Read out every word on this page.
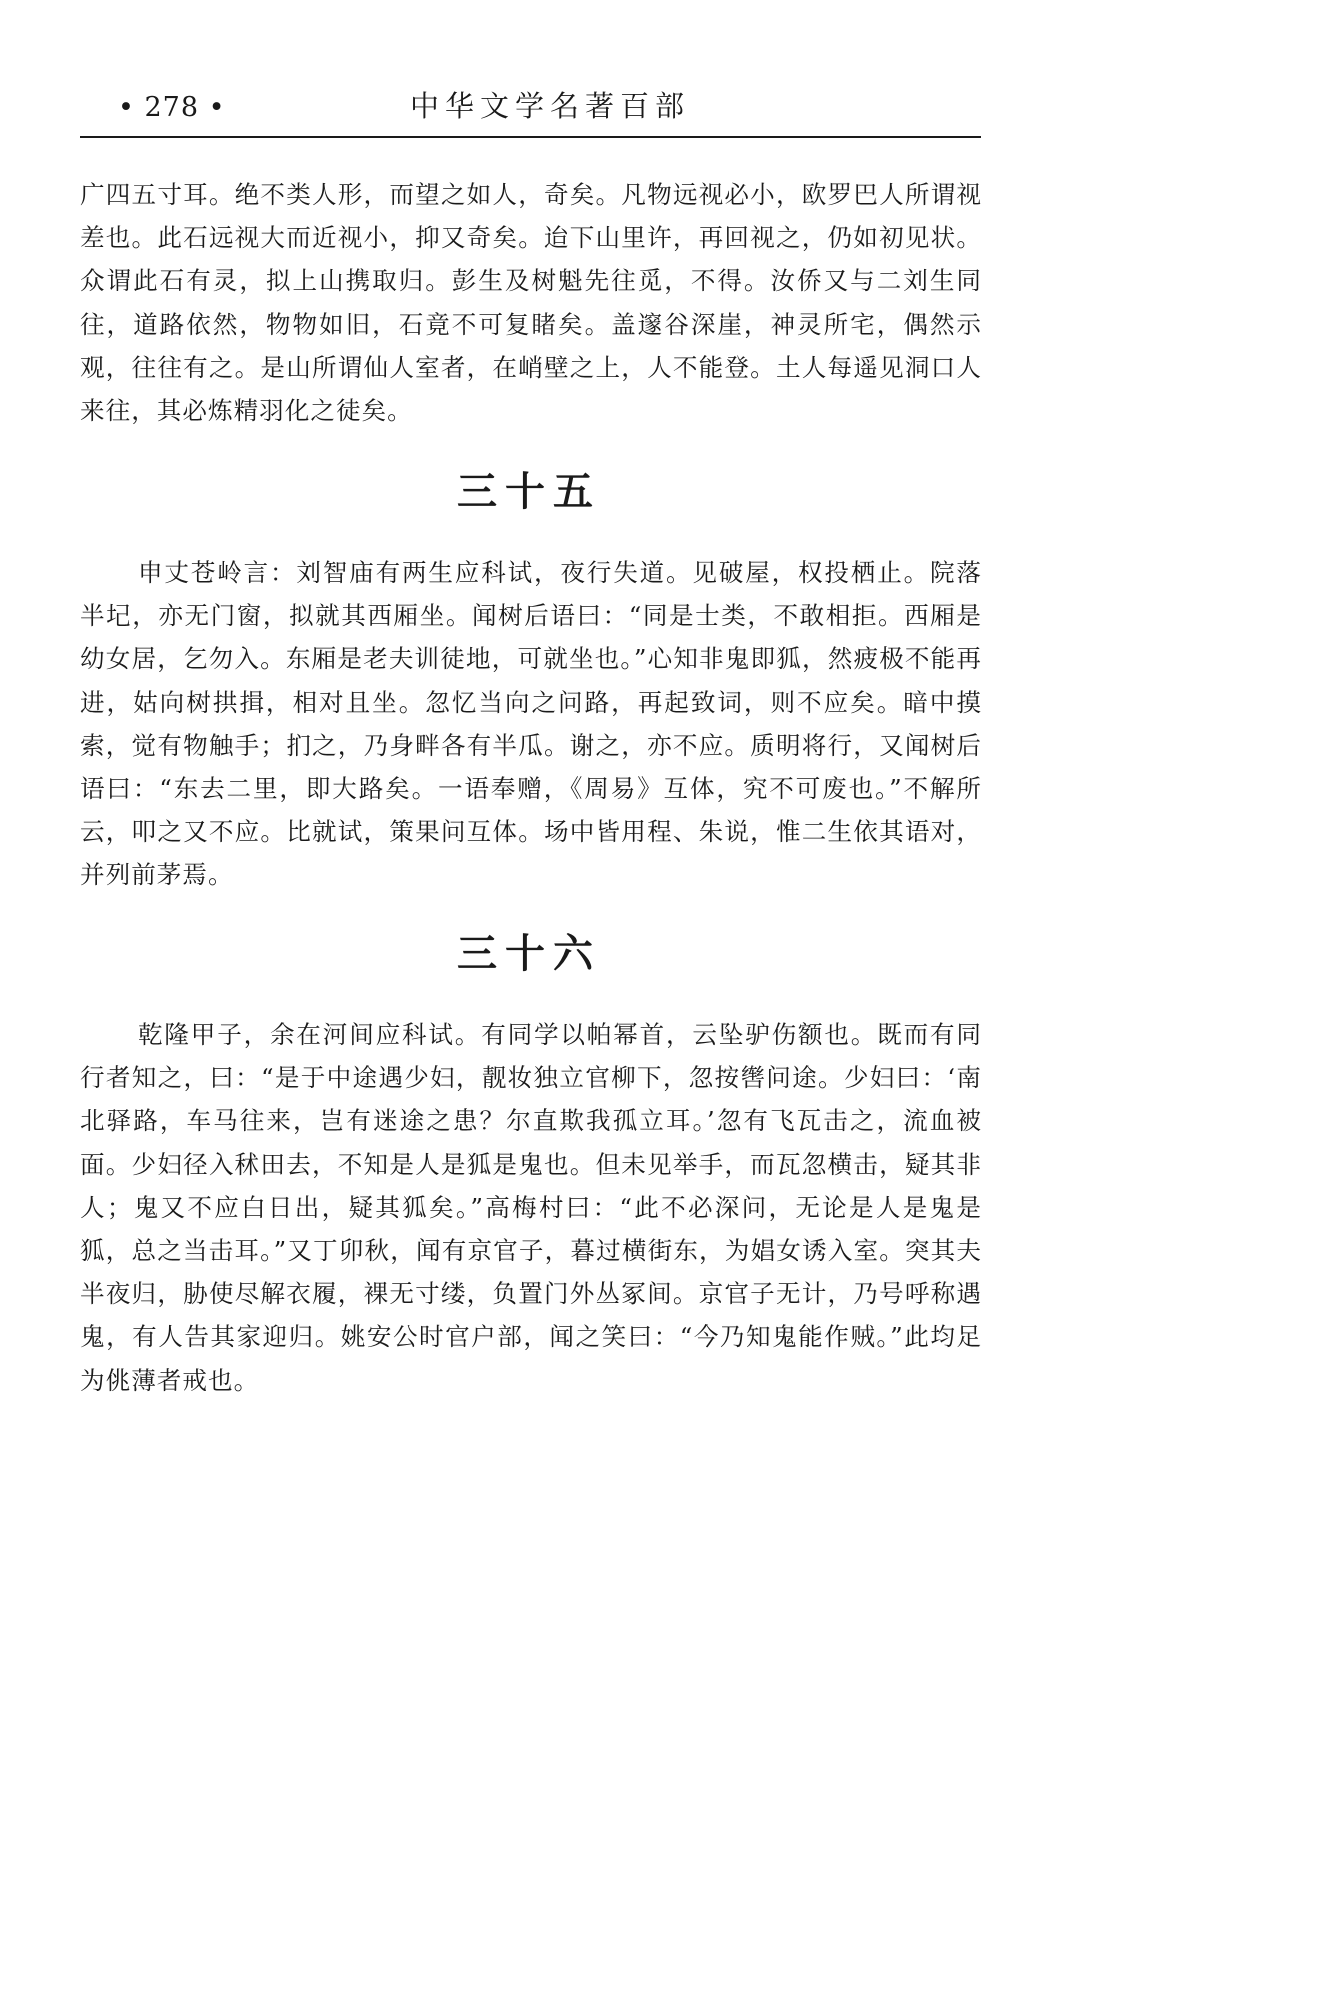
• 278 •	中华文学名著百部

广四五寸耳。绝不类人形，而望之如人，奇矣。凡物远视必小，欧罗巴人所谓视差也。此石远视大而近视小，抑又奇矣。迨下山里许，再回视之，仍如初见状。众谓此石有灵，拟上山携取归。彭生及树魁先往觅，不得。汝侨又与二刘生同往，道路依然，物物如旧，石竟不可复睹矣。盖邃谷深崖，神灵所宅，偶然示观，往往有之。是山所谓仙人室者，在峭壁之上，人不能登。土人每遥见洞口人来往，其必炼精羽化之徒矣。

三十五

申丈苍岭言：刘智庙有两生应科试，夜行失道。见破屋，权投栖止。院落半圮，亦无门窗，拟就其西厢坐。闻树后语曰：“同是士类，不敢相拒。西厢是幼女居，乞勿入。东厢是老夫训徒地，可就坐也。”心知非鬼即狐，然疲极不能再进，姑向树拱揖，相对且坐。忽忆当向之问路，再起致词，则不应矣。暗中摸索，觉有物触手；扪之，乃身畔各有半瓜。谢之，亦不应。质明将行，又闻树后语曰：“东去二里，即大路矣。一语奉赠，《周易》互体，究不可废也。”不解所云，叩之又不应。比就试，策果问互体。场中皆用程、朱说，惟二生依其语对，并列前茅焉。

三十六

乾隆甲子，余在河间应科试。有同学以帕幂首，云坠驴伤额也。既而有同行者知之，曰：“是于中途遇少妇，靓妆独立官柳下，忽按辔问途。少妇曰：‘南北驿路，车马往来，岂有迷途之患？尔直欺我孤立耳。’忽有飞瓦击之，流血被面。少妇径入秫田去，不知是人是狐是鬼也。但未见举手，而瓦忽横击，疑其非人；鬼又不应白日出，疑其狐矣。”高梅村曰：“此不必深问，无论是人是鬼是狐，总之当击耳。”又丁卯秋，闻有京官子，暮过横街东，为娼女诱入室。突其夫半夜归，胁使尽解衣履，裸无寸缕，负置门外丛冢间。京官子无计，乃号呼称遇鬼，有人告其家迎归。姚安公时官户部，闻之笑曰：“今乃知鬼能作贼。”此均足为佻薄者戒也。
